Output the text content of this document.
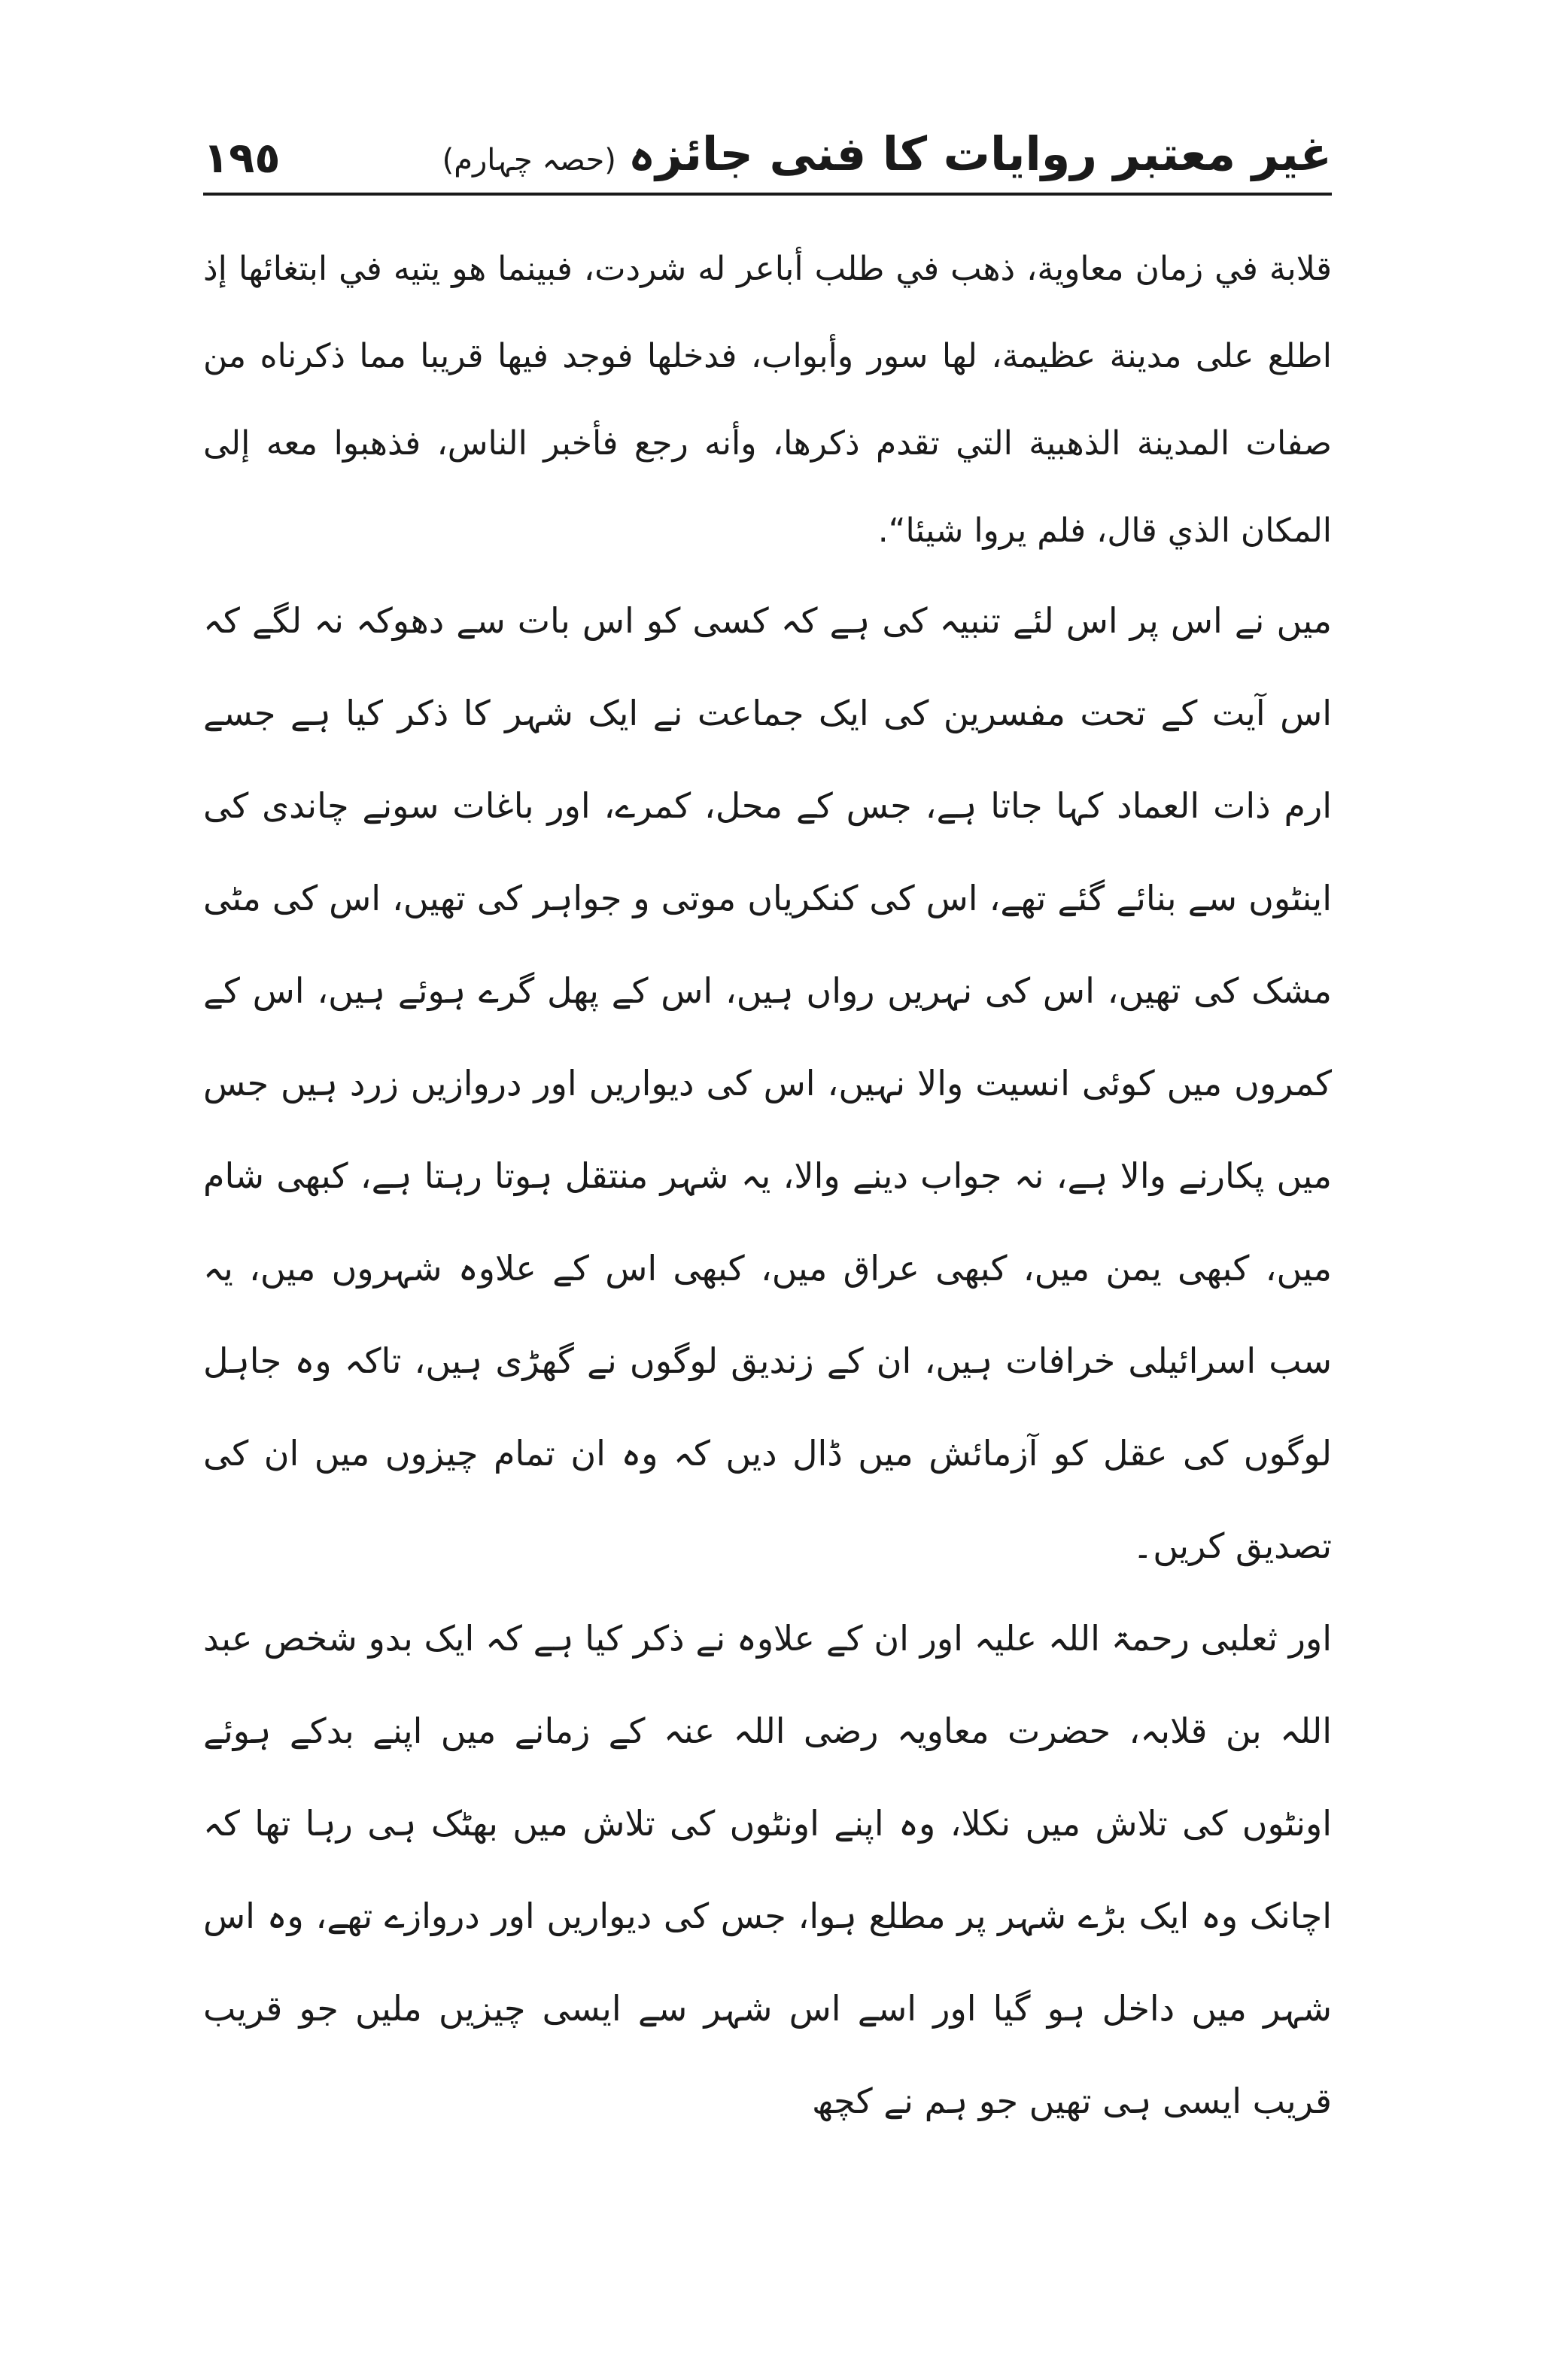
١٩٥	غیر معتبر روایات کا فنی جائزہ(حصہ چہارم)

قلابة في زمان معاوية، ذهب في طلب أباعر له شردت، فبينما هو يتيه في ابتغائها إذ اطلع على مدينة عظيمة، لها سور وأبواب، فدخلها فوجد فيها قريبا مما ذكرناه من صفات المدينة الذهبية التي تقدم ذكرها، وأنه رجع فأخبر الناس، فذهبوا معه إلى المكان الذي قال، فلم يروا شيئا“.

میں نے اس پر اس لئے تنبیہ کی ہے کہ کسی کو اس بات سے دھوکہ نہ لگے کہ اس آیت کے تحت مفسرین کی ایک جماعت نے ایک شہر کا ذکر کیا ہے جسے ارم ذات العماد کہا جاتا ہے، جس کے محل، کمرے، اور باغات سونے چاندی کی اینٹوں سے بنائے گئے تھے، اس کی کنکریاں موتی و جواہر کی تھیں، اس کی مٹی مشک کی تھیں، اس کی نہریں رواں ہیں، اس کے پھل گرے ہوئے ہیں، اس کے کمروں میں کوئی انسیت والا نہیں، اس کی دیواریں اور دروازیں زرد ہیں جس میں پکارنے والا ہے، نہ جواب دینے والا، یہ شہر منتقل ہوتا رہتا ہے، کبھی شام میں، کبھی یمن میں، کبھی عراق میں، کبھی اس کے علاوہ شہروں میں، یہ سب اسرائیلی خرافات ہیں، ان کے زندیق لوگوں نے گھڑی ہیں، تاکہ وہ جاہل لوگوں کی عقل کو آزمائش میں ڈال دیں کہ وہ ان تمام چیزوں میں ان کی تصدیق کریں۔

اور ثعلبی رحمۃ اللہ علیہ اور ان کے علاوہ نے ذکر کیا ہے کہ ایک بدو شخص عبد اللہ بن قلابہ، حضرت معاویہ رضی اللہ عنہ کے زمانے میں اپنے بدکے ہوئے اونٹوں کی تلاش میں نکلا، وہ اپنے اونٹوں کی تلاش میں بھٹک ہی رہا تھا کہ اچانک وہ ایک بڑے شہر پر مطلع ہوا، جس کی دیواریں اور دروازے تھے، وہ اس شہر میں داخل ہو گیا اور اسے اس شہر سے ایسی چیزیں ملیں جو قریب قریب ایسی ہی تھیں جو ہم نے کچھ
